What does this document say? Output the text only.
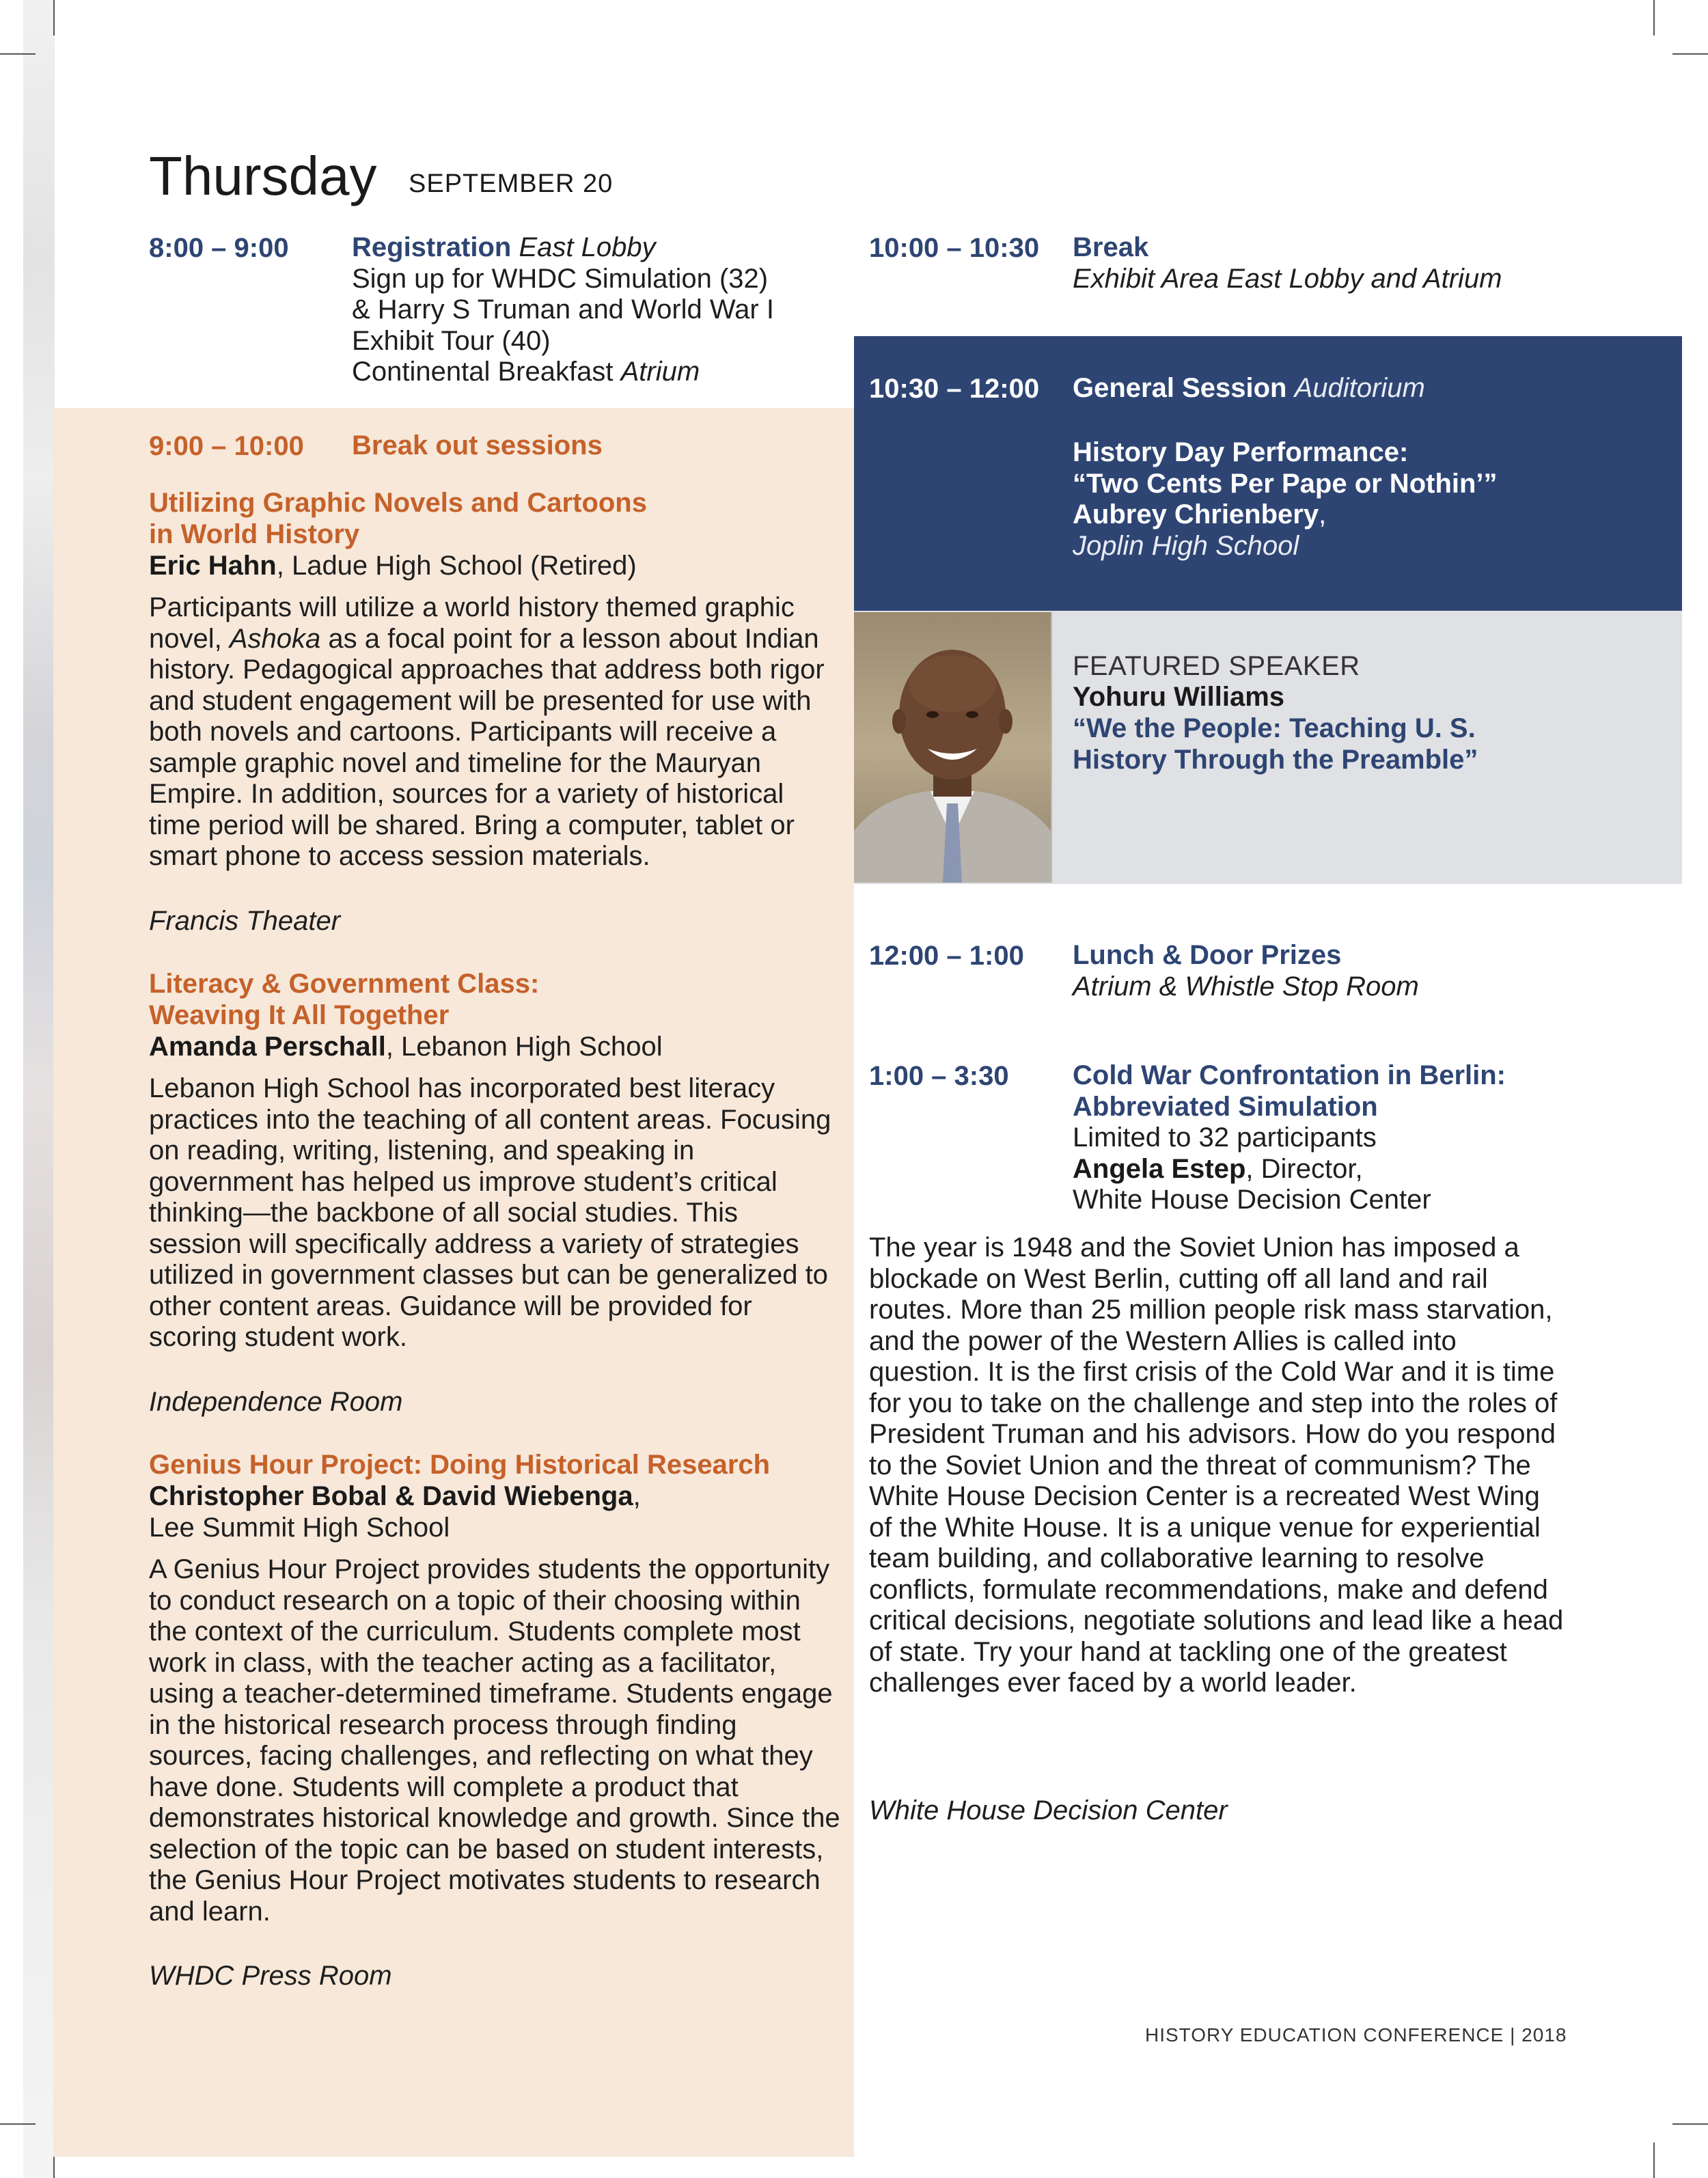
Thursday SEPTEMBER 20
8:00 – 9:00 Registration East Lobby
Sign up for WHDC Simulation (32)
& Harry S Truman and World War I
Exhibit Tour (40)
Continental Breakfast Atrium
9:00 – 10:00 Break out sessions
Utilizing Graphic Novels and Cartoons
in World History
Eric Hahn, Ladue High School (Retired)

Participants will utilize a world history themed graphic novel, Ashoka as a focal point for a lesson about Indian history. Pedagogical approaches that address both rigor and student engagement will be presented for use with both novels and cartoons. Participants will receive a sample graphic novel and timeline for the Mauryan Empire. In addition, sources for a variety of historical time period will be shared. Bring a computer, tablet or smart phone to access session materials.

Francis Theater
Literacy & Government Class:
Weaving It All Together
Amanda Perschall, Lebanon High School

Lebanon High School has incorporated best literacy practices into the teaching of all content areas. Focusing on reading, writing, listening, and speaking in government has helped us improve student’s critical thinking—the backbone of all social studies. This session will specifically address a variety of strategies utilized in government classes but can be generalized to other content areas. Guidance will be provided for scoring student work.

Independence Room
Genius Hour Project: Doing Historical Research
Christopher Bobal & David Wiebenga,
Lee Summit High School

A Genius Hour Project provides students the opportunity to conduct research on a topic of their choosing within the context of the curriculum. Students complete most work in class, with the teacher acting as a facilitator, using a teacher-determined timeframe. Students engage in the historical research process through finding sources, facing challenges, and reflecting on what they have done. Students will complete a product that demonstrates historical knowledge and growth. Since the selection of the topic can be based on student interests, the Genius Hour Project motivates students to research and learn.

WHDC Press Room
10:00 – 10:30 Break
Exhibit Area East Lobby and Atrium
10:30 – 12:00 General Session Auditorium
History Day Performance:
“Two Cents Per Pape or Nothin’”
Aubrey Chrienbery,
Joplin High School
FEATURED SPEAKER
Yohuru Williams
“We the People: Teaching U. S.
History Through the Preamble”
12:00 – 1:00 Lunch & Door Prizes
Atrium & Whistle Stop Room
1:00 – 3:30 Cold War Confrontation in Berlin:
Abbreviated Simulation
Limited to 32 participants
Angela Estep, Director,
White House Decision Center

The year is 1948 and the Soviet Union has imposed a blockade on West Berlin, cutting off all land and rail routes. More than 25 million people risk mass starvation, and the power of the Western Allies is called into question. It is the first crisis of the Cold War and it is time for you to take on the challenge and step into the roles of President Truman and his advisors. How do you respond to the Soviet Union and the threat of communism? The White House Decision Center is a recreated West Wing of the White House. It is a unique venue for experiential team building, and collaborative learning to resolve conflicts, formulate recommendations, make and defend critical decisions, negotiate solutions and lead like a head of state. Try your hand at tackling one of the greatest challenges ever faced by a world leader.

White House Decision Center
HISTORY EDUCATION CONFERENCE | 2018
